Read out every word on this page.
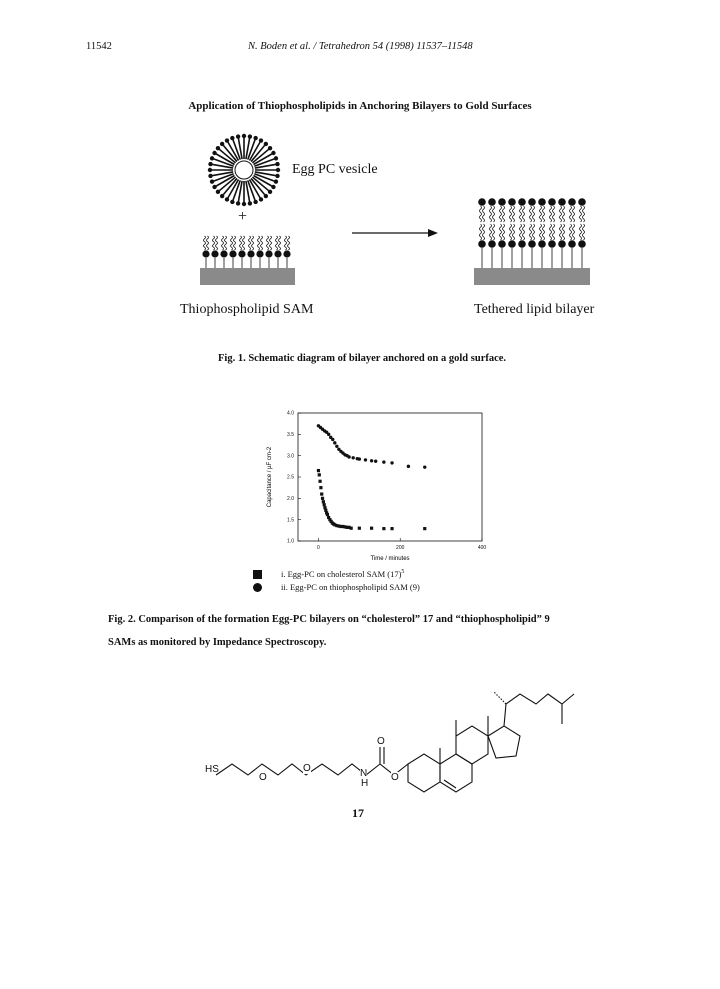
11542	N. Boden et al. / Tetrahedron 54 (1998) 11537–11548
Application of Thiophospholipids in Anchoring Bilayers to Gold Surfaces
Egg PC vesicle
+
Thiophospholipid SAM	Tethered lipid bilayer
Fig. 1. Schematic diagram of bilayer anchored on a gold surface.
1.0
1.5
2.0
2.5
3.0
3.5
4.0
0	200	400
Capacitance / µF cm-2
Time / minutes
i. Egg-PC on cholesterol SAM $(17)^5$
ii. Egg-PC on thiophospholipid SAM (9)
Fig. 2. Comparison of the formation Egg-PC bilayers on “cholesterol” 17 and “thiophospholipid” 9
SAMs as monitored by Impedance Spectroscopy.
HS
O
O
O
N
H
O
17
